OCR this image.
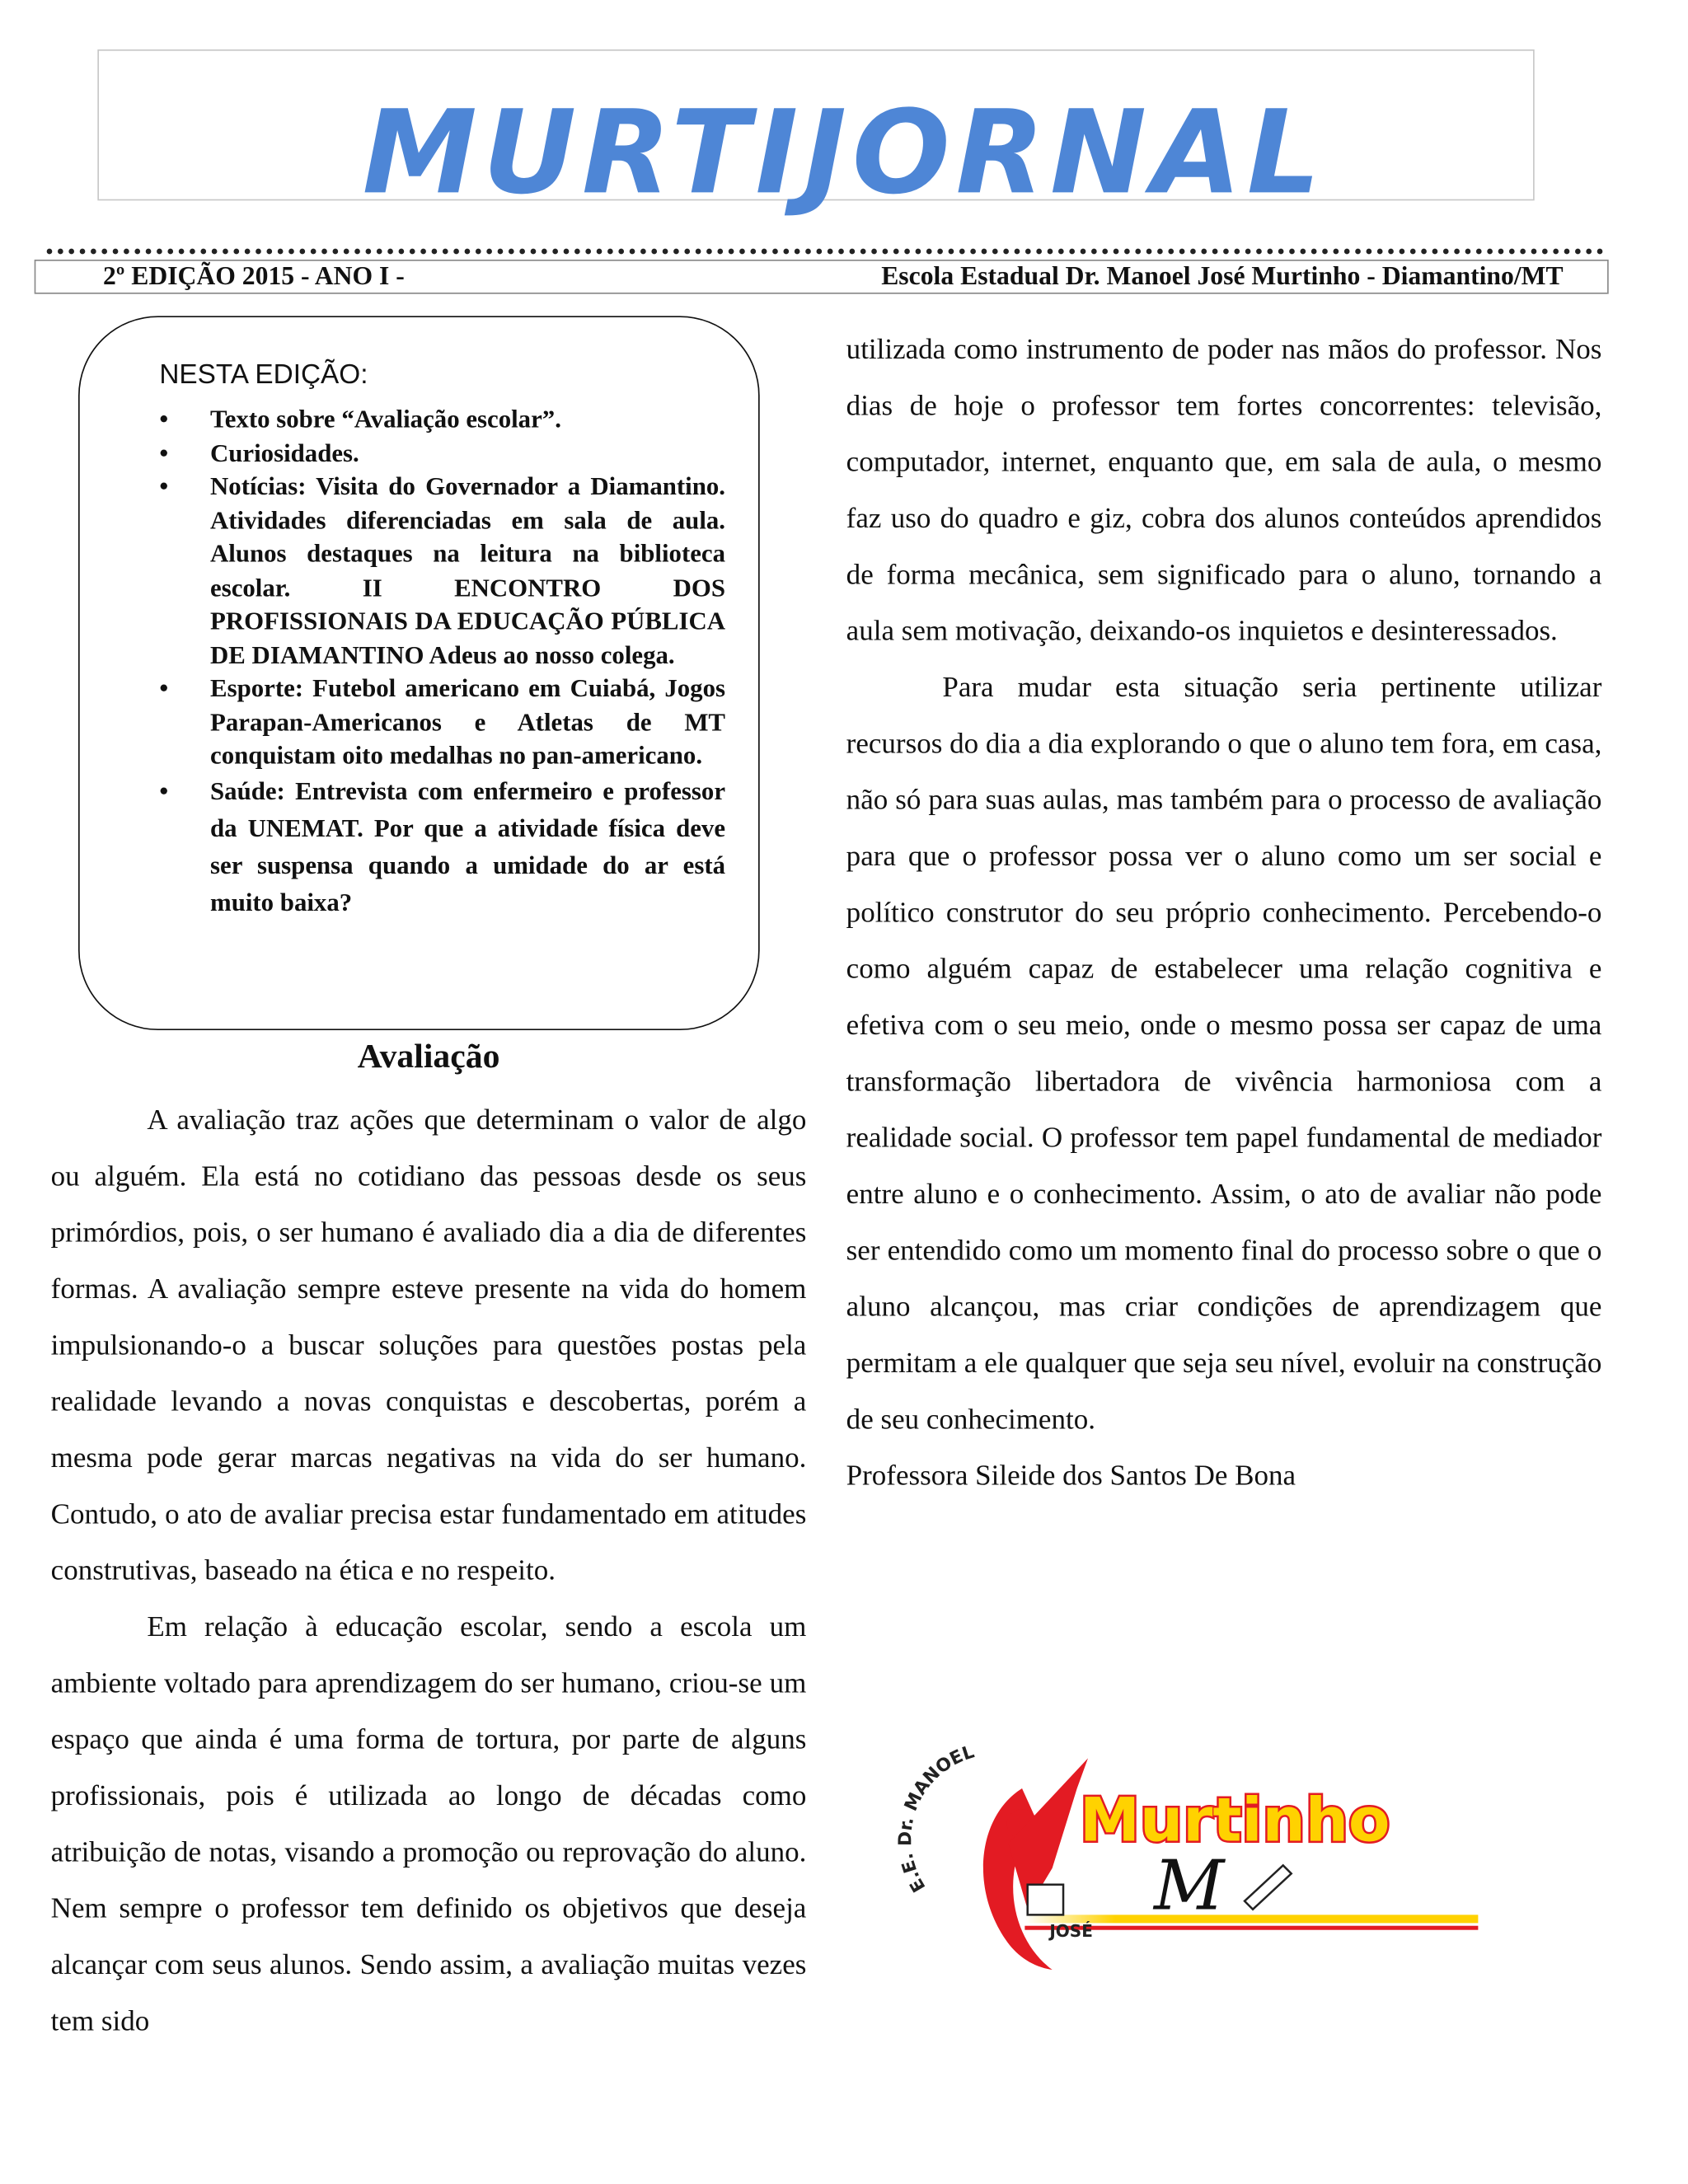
MURTIJORNAL
2º EDIÇÃO 2015 - ANO I -	Escola Estadual Dr. Manoel José Murtinho - Diamantino/MT
NESTA EDIÇÃO:
•	Texto sobre “Avaliação escolar”.
•	Curiosidades.
•	Notícias: Visita do Governador a Diamantino. Atividades diferenciadas em sala de aula. Alunos destaques na leitura na biblioteca escolar. II ENCONTRO DOS PROFISSIONAIS DA EDUCAÇÃO PÚBLICA DE DIAMANTINO Adeus ao nosso colega.
•	Esporte: Futebol americano em Cuiabá, Jogos Parapan-Americanos e Atletas de MT conquistam oito medalhas no pan-americano.
•	Saúde: Entrevista com enfermeiro e professor da UNEMAT. Por que a atividade física deve ser suspensa quando a umidade do ar está muito baixa?
Avaliação

A avaliação traz ações que determinam o valor de algo ou alguém. Ela está no cotidiano das pessoas desde os seus primórdios, pois, o ser humano é avaliado dia a dia de diferentes formas. A avaliação sempre esteve presente na vida do homem impulsionando-o a buscar soluções para questões postas pela realidade levando a novas conquistas e descobertas, porém a mesma pode gerar marcas negativas na vida do ser humano. Contudo, o ato de avaliar precisa estar fundamentado em atitudes construtivas, baseado na ética e no respeito.

Em relação à educação escolar, sendo a escola um ambiente voltado para aprendizagem do ser humano, criou-se um espaço que ainda é uma forma de tortura, por parte de alguns profissionais, pois é utilizada ao longo de décadas como atribuição de notas, visando a promoção ou reprovação do aluno. Nem sempre o professor tem definido os objetivos que deseja alcançar com seus alunos. Sendo assim, a avaliação muitas vezes tem sido

utilizada como instrumento de poder nas mãos do professor. Nos dias de hoje o professor tem fortes concorrentes: televisão, computador, internet, enquanto que, em sala de aula, o mesmo faz uso do quadro e giz, cobra dos alunos conteúdos aprendidos de forma mecânica, sem significado para o aluno, tornando a aula sem motivação, deixando-os inquietos e desinteressados.

Para mudar esta situação seria pertinente utilizar recursos do dia a dia explorando o que o aluno tem fora, em casa, não só para suas aulas, mas também para o processo de avaliação para que o professor possa ver o aluno como um ser social e político construtor do seu próprio conhecimento. Percebendo-o como alguém capaz de estabelecer uma relação cognitiva e efetiva com o seu meio, onde o mesmo possa ser capaz de uma transformação libertadora de vivência harmoniosa com a realidade social. O professor tem papel fundamental de mediador entre aluno e o conhecimento. Assim, o ato de avaliar não pode ser entendido como um momento final do processo sobre o que o aluno alcançou, mas criar condições de aprendizagem que permitam a ele qualquer que seja seu nível, evoluir na construção de seu conhecimento.

Professora Sileide dos Santos De Bona

E.E. Dr. MANOEL
JOSÉ
Murtinho
M
